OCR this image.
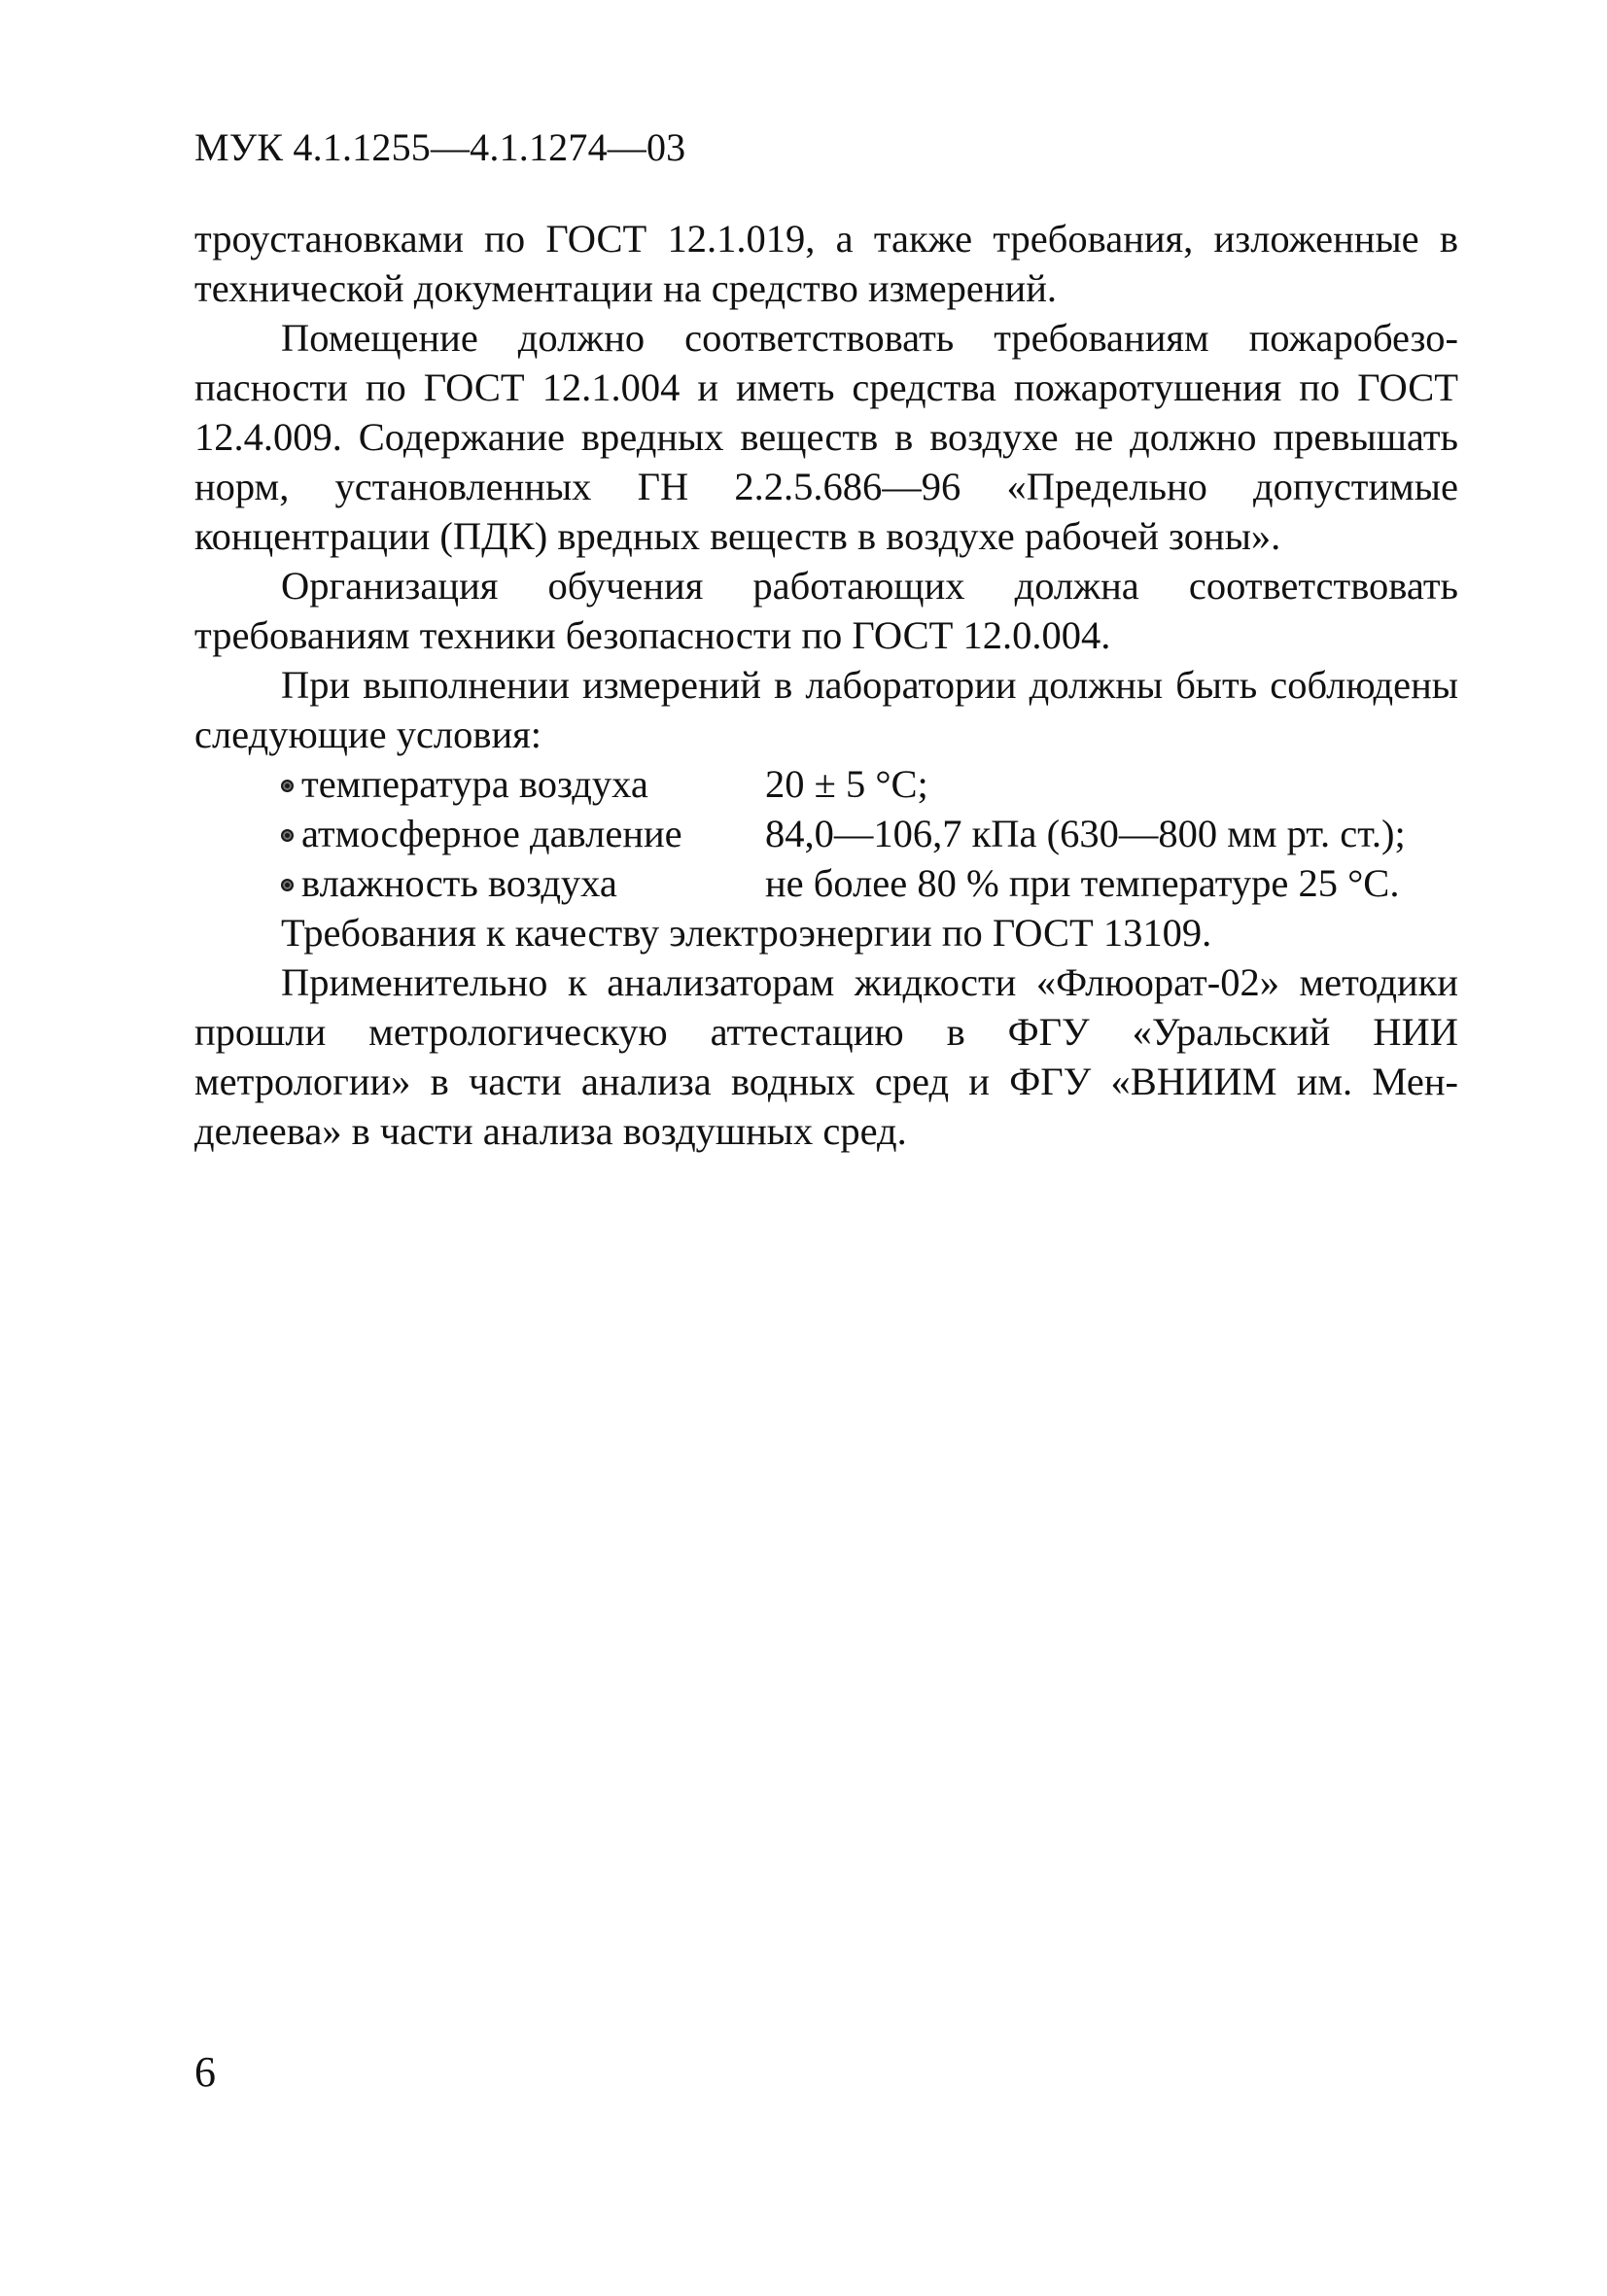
МУК 4.1.1255—4.1.1274—03

троустановками по ГОСТ 12.1.019, а также требования, изложенные в технической документации на средство измерений.

Помещение должно соответствовать требованиям пожаробезопасности по ГОСТ 12.1.004 и иметь средства пожаротушения по ГОСТ 12.4.009. Содержание вредных веществ в воздухе не должно превышать норм, установленных ГН 2.2.5.686—96 «Предельно допустимые концентрации (ПДК) вредных веществ в воздухе рабочей зоны».

Организация обучения работающих должна соответствовать требованиям техники безопасности по ГОСТ 12.0.004.

При выполнении измерений в лаборатории должны быть соблюдены следующие условия:

температура воздуха	20 ± 5 °С;
атмосферное давление 84,0—106,7 кПа (630—800 мм рт. ст.);
влажность воздуха	не более 80 % при температуре 25 °С.

Требования к качеству электроэнергии по ГОСТ 13109.

Применительно к анализаторам жидкости «Флюорат-02» методики прошли метрологическую аттестацию в ФГУ «Уральский НИИ метрологии» в части анализа водных сред и ФГУ «ВНИИМ им. Менделеева» в части анализа воздушных сред.

6
